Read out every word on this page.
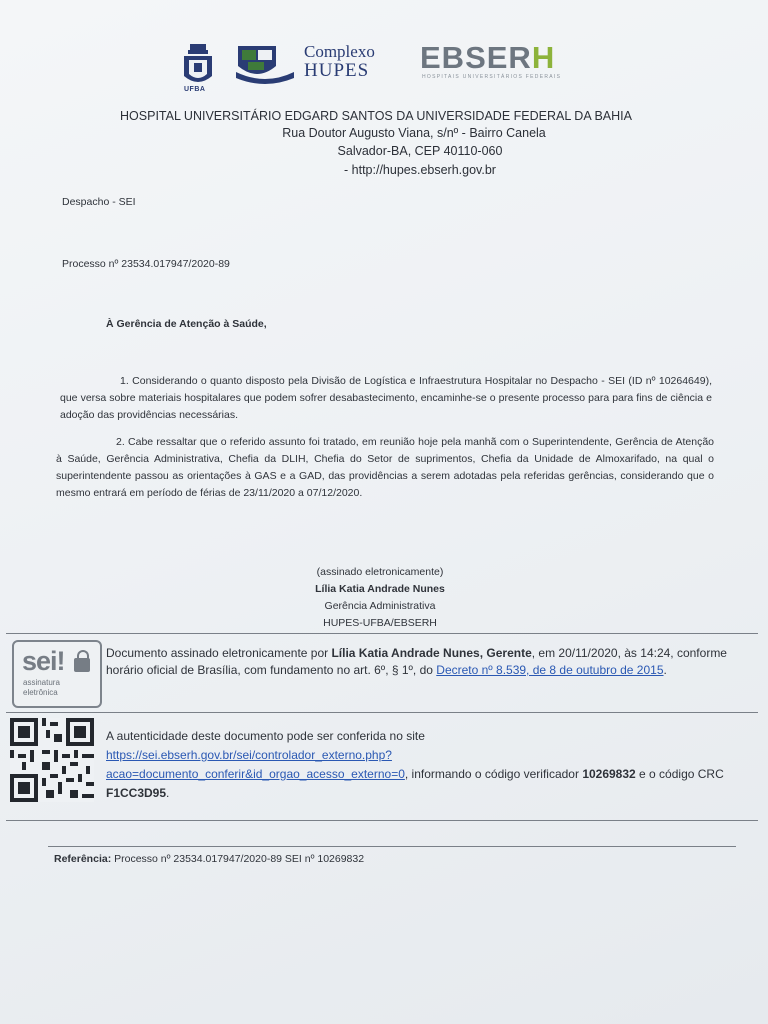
UFBA
Complexo
HUPES EBSERH
HOSPITAIS UNIVERSITÁRIOS FEDERAIS
HOSPITAL UNIVERSITÁRIO EDGARD SANTOS DA UNIVERSIDADE FEDERAL DA BAHIA
Rua Doutor Augusto Viana, s/nº - Bairro Canela
Salvador-BA, CEP 40110-060
- http://hupes.ebserh.gov.br
Despacho - SEI
Processo nº 23534.017947/2020-89
À Gerência de Atenção à Saúde,
1. Considerando o quanto disposto pela Divisão de Logística e Infraestrutura Hospitalar no Despacho - SEI (ID nº 10264649), que versa sobre materiais hospitalares que podem sofrer desabastecimento, encaminhe-se o presente processo para para fins de ciência e adoção das providências necessárias.
2. Cabe ressaltar que o referido assunto foi tratado, em reunião hoje pela manhã com o Superintendente, Gerência de Atenção à Saúde, Gerência Administrativa, Chefia da DLIH, Chefia do Setor de suprimentos, Chefia da Unidade de Almoxarifado, na qual o superintendente passou as orientações à GAS e a GAD, das providências a serem adotadas pela referidas gerências, considerando que o mesmo entrará em período de férias de 23/11/2020 a 07/12/2020.
(assinado eletronicamente)
Lília Katia Andrade Nunes
Gerência Administrativa
HUPES-UFBA/EBSERH
sei!
assinatura
eletrônica
Documento assinado eletronicamente por Lília Katia Andrade Nunes, Gerente, em 20/11/2020, às 14:24, conforme horário oficial de Brasília, com fundamento no art. 6º, § 1º, do Decreto nº 8.539, de 8 de outubro de 2015.
A autenticidade deste documento pode ser conferida no site
https://sei.ebserh.gov.br/sei/controlador_externo.php?
acao=documento_conferir&id_orgao_acesso_externo=0, informando o código verificador 10269832 e o código CRC F1CC3D95.
Referência: Processo nº 23534.017947/2020-89 SEI nº 10269832
